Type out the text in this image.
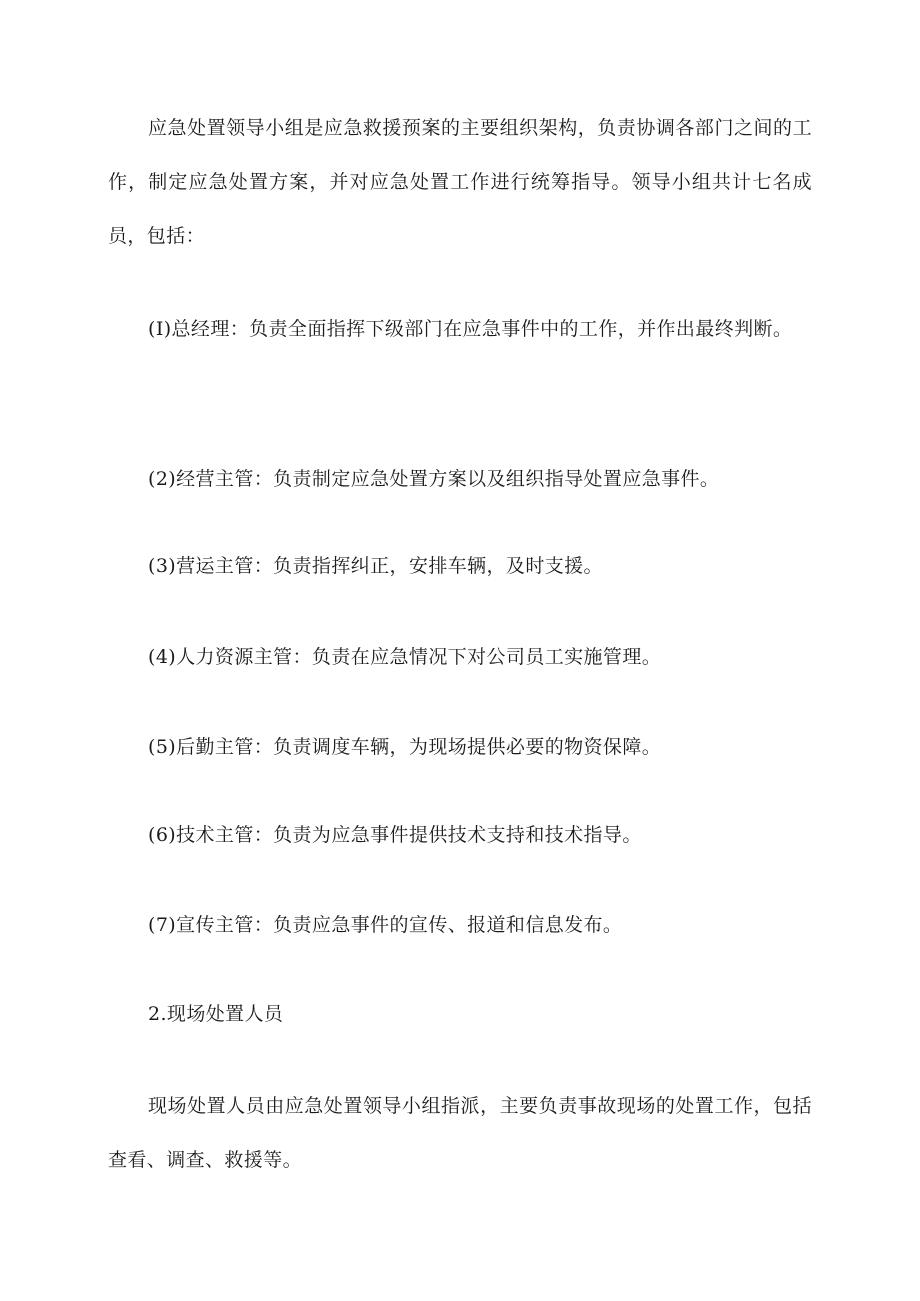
应急处置领导小组是应急救援预案的主要组织架构，负责协调各部门之间的工作，制定应急处置方案，并对应急处置工作进行统筹指导。领导小组共计七名成员，包括：

(I)总经理：负责全面指挥下级部门在应急事件中的工作，并作出最终判断。

(2)经营主管：负责制定应急处置方案以及组织指导处置应急事件。

(3)营运主管：负责指挥纠正，安排车辆，及时支援。

(4)人力资源主管：负责在应急情况下对公司员工实施管理。

(5)后勤主管：负责调度车辆，为现场提供必要的物资保障。

(6)技术主管：负责为应急事件提供技术支持和技术指导。

(7)宣传主管：负责应急事件的宣传、报道和信息发布。

2.现场处置人员

现场处置人员由应急处置领导小组指派，主要负责事故现场的处置工作，包括查看、调查、救援等。
